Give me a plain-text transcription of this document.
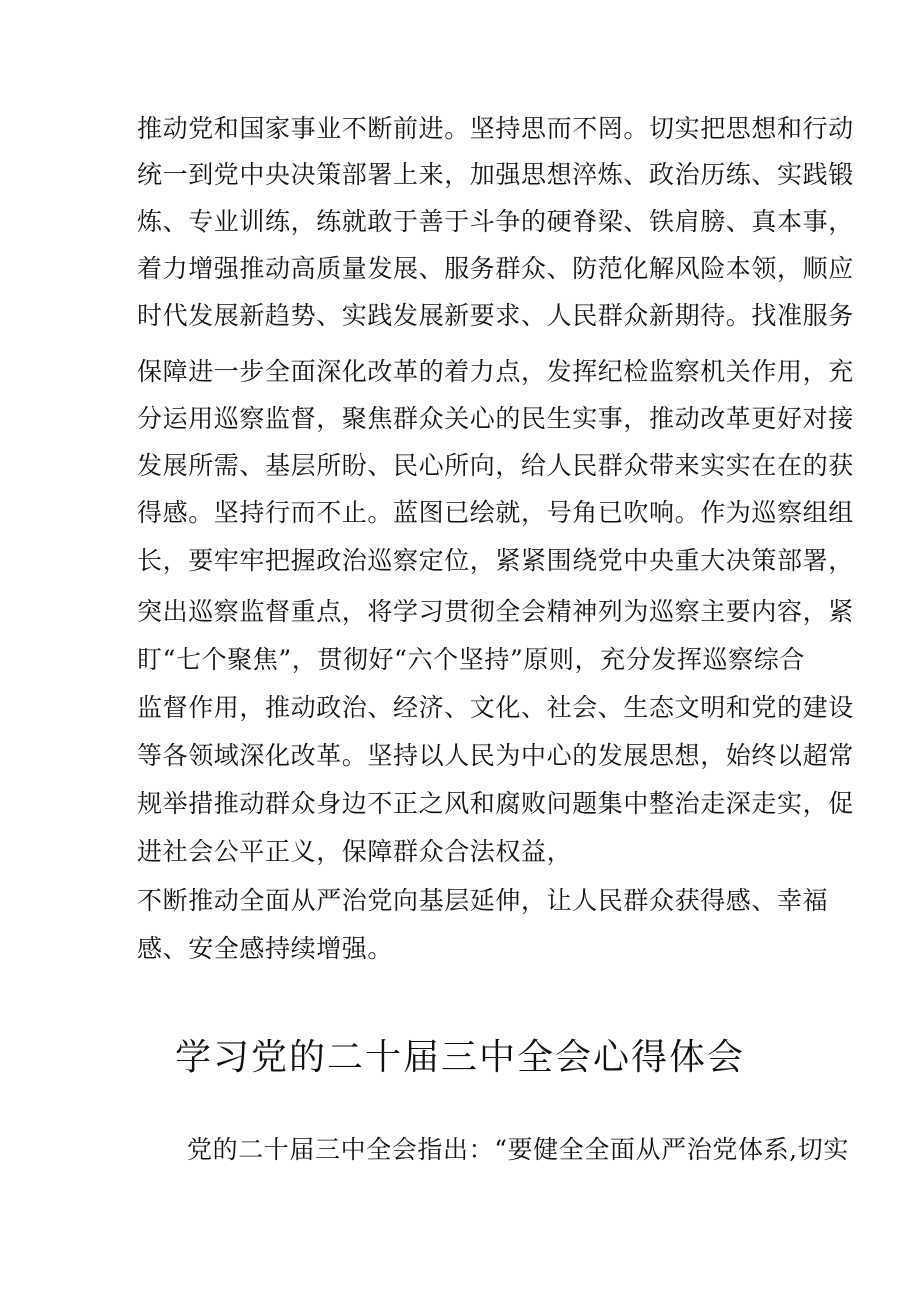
推动党和国家事业不断前进。坚持思而不罔。切实把思想和行动
统一到党中央决策部署上来，加强思想淬炼、政治历练、实践锻
炼、专业训练，练就敢于善于斗争的硬脊梁、铁肩膀、真本事，
着力增强推动高质量发展、服务群众、防范化解风险本领，顺应
时代发展新趋势、实践发展新要求、人民群众新期待。找准服务
保障进一步全面深化改革的着力点，发挥纪检监察机关作用，充
分运用巡察监督，聚焦群众关心的民生实事，推动改革更好对接
发展所需、基层所盼、民心所向，给人民群众带来实实在在的获
得感。坚持行而不止。蓝图已绘就，号角已吹响。作为巡察组组
长，要牢牢把握政治巡察定位，紧紧围绕党中央重大决策部署，
突出巡察监督重点，将学习贯彻全会精神列为巡察主要内容，紧
盯“七个聚焦”，贯彻好“六个坚持”原则，充分发挥巡察综合
监督作用，推动政治、经济、文化、社会、生态文明和党的建设
等各领域深化改革。坚持以人民为中心的发展思想，始终以超常
规举措推动群众身边不正之风和腐败问题集中整治走深走实，促
进社会公平正义，保障群众合法权益，
不断推动全面从严治党向基层延伸，让人民群众获得感、幸福
感、安全感持续增强。
学习党的二十届三中全会心得体会
党的二十届三中全会指出：“要健全全面从严治党体系,切实
